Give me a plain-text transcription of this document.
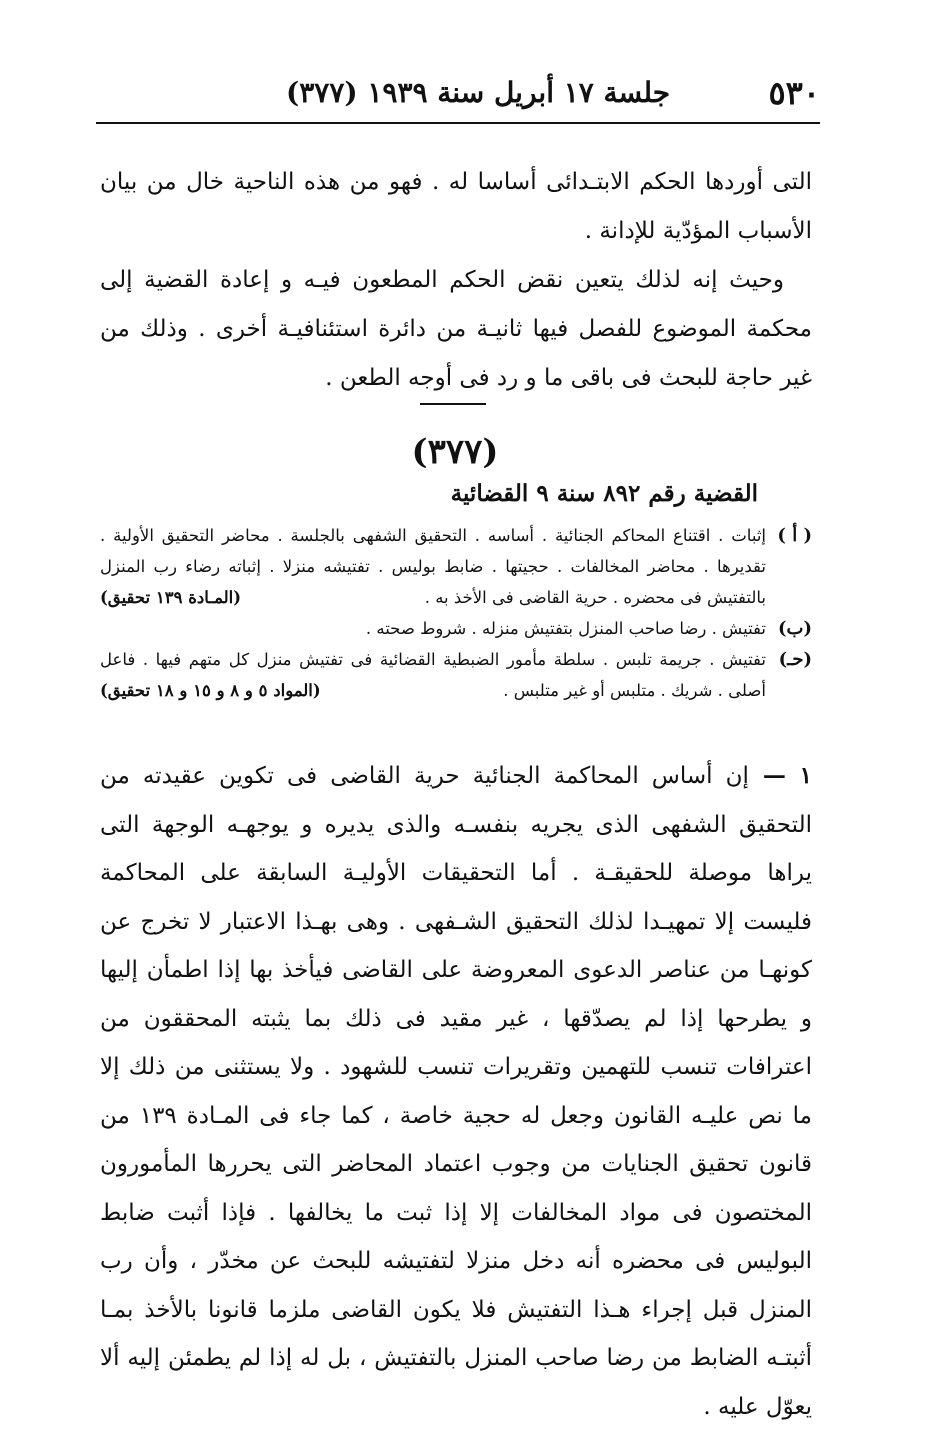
٥٣٠
جلسة ١٧ أبريل سنة ١٩٣٩ (٣٧٧)

التى أوردها الحكم الابتـدائى أساسا له . فهو من هذه الناحية خال من بيان الأسباب المؤدّية للإدانة .

وحيث إنه لذلك يتعين نقض الحكم المطعون فيـه و إعادة القضية إلى محكمة الموضوع للفصل فيها ثانيـة من دائرة استئنافيـة أخرى . وذلك من غير حاجة للبحث فى باقى ما و رد فى أوجه الطعن .

(٣٧٧)
القضية رقم ٨٩٢ سنة ٩ القضائية
( أ )
إثبات . اقتناع المحاكم الجنائية . أساسه . التحقيق الشفهى بالجلسة . محاضر التحقيق الأولية . تقديرها . محاضر المخالفات . حجيتها . ضابط بوليس . تفتيشه منزلا . إثباته رضاء رب المنزل بالتفتيش فى محضره . حرية القاضى فى الأخذ به .
(المـادة ١٣٩ تحقيق)
(ب)
تفتيش . رضا صاحب المنزل بتفتيش منزله . شروط صحته .
(حـ)
تفتيش . جريمة تلبس . سلطة مأمور الضبطية القضائية فى تفتيش منزل كل متهم فيها . فاعل أصلى . شريك . متلبس أو غير متلبس .
(المواد ٥ و ٨ و ١٥ و ١٨ تحقيق)

١ —إن أساس المحاكمة الجنائية حرية القاضى فى تكوين عقيدته من التحقيق الشفهى الذى يجريه بنفسـه والذى يديره و يوجهـه الوجهة التى يراها موصلة للحقيقـة . أما التحقيقات الأوليـة السابقة على المحاكمة فليست إلا تمهيـدا لذلك التحقيق الشـفهى . وهى بهـذا الاعتبار لا تخرج عن كونهـا من عناصر الدعوى المعروضة على القاضى فيأخذ بها إذا اطمأن إليها و يطرحها إذا لم يصدّقها ، غير مقيد فى ذلك بما يثبته المحققون من اعترافات تنسب للتهمين وتقريرات تنسب للشهود . ولا يستثنى من ذلك إلا ما نص عليـه القانون وجعل له حجية خاصة ، كما جاء فى المـادة ١٣٩ من قانون تحقيق الجنايات من وجوب اعتماد المحاضر التى يحررها المأمورون المختصون فى مواد المخالفات إلا إذا ثبت ما يخالفها . فإذا أثبت ضابط البوليس فى محضره أنه دخل منزلا لتفتيشه للبحث عن مخدّر ، وأن رب المنزل قبل إجراء هـذا التفتيش فلا يكون القاضى ملزما قانونا بالأخذ بمـا أثبتـه الضابط من رضا صاحب المنزل بالتفتيش ، بل له إذا لم يطمئن إليه ألا يعوّل عليه .
